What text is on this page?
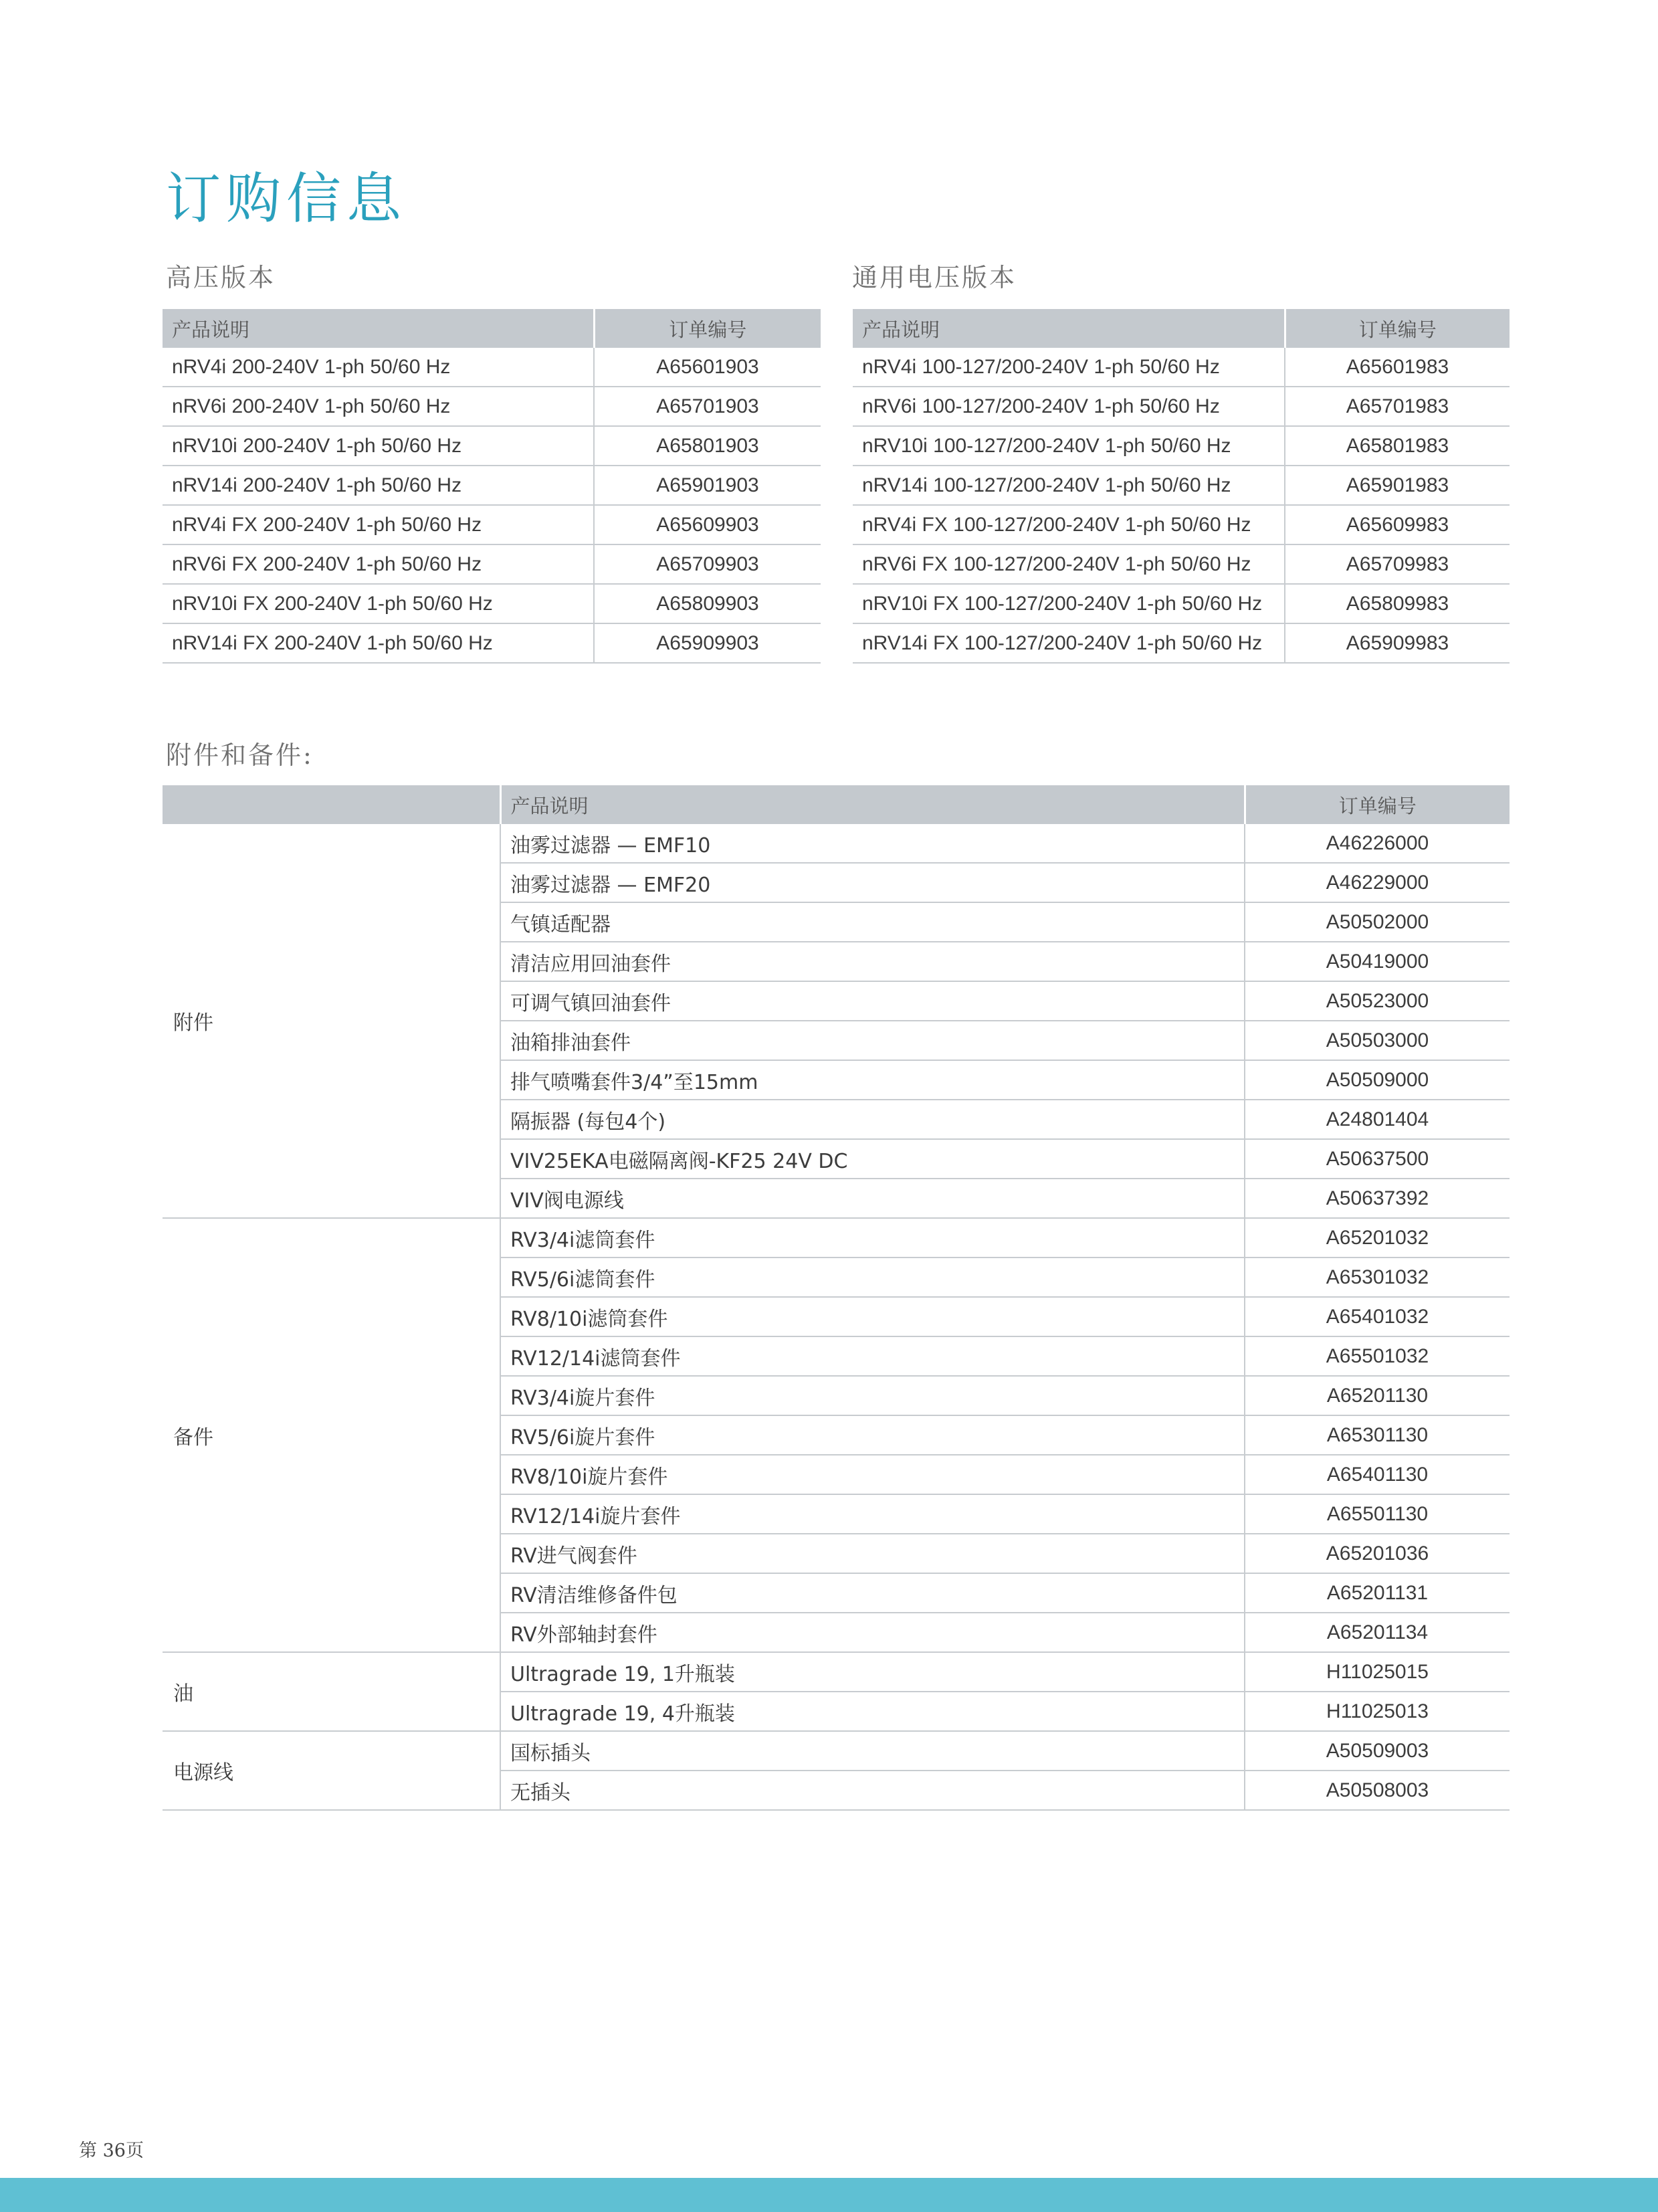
订购信息
高压版本	通用电压版本
产品说明	订单编号
nRV4i 200-240V 1-ph 50/60 Hz	A65601903
nRV6i 200-240V 1-ph 50/60 Hz	A65701903
nRV10i 200-240V 1-ph 50/60 Hz	A65801903
nRV14i 200-240V 1-ph 50/60 Hz	A65901903
nRV4i FX 200-240V 1-ph 50/60 Hz	A65609903
nRV6i FX 200-240V 1-ph 50/60 Hz	A65709903
nRV10i FX 200-240V 1-ph 50/60 Hz	A65809903
nRV14i FX 200-240V 1-ph 50/60 Hz	A65909903
产品说明	订单编号
nRV4i 100-127/200-240V 1-ph 50/60 Hz	A65601983
nRV6i 100-127/200-240V 1-ph 50/60 Hz	A65701983
nRV10i 100-127/200-240V 1-ph 50/60 Hz	A65801983
nRV14i 100-127/200-240V 1-ph 50/60 Hz	A65901983
nRV4i FX 100-127/200-240V 1-ph 50/60 Hz	A65609983
nRV6i FX 100-127/200-240V 1-ph 50/60 Hz	A65709983
nRV10i FX 100-127/200-240V 1-ph 50/60 Hz	A65809983
nRV14i FX 100-127/200-240V 1-ph 50/60 Hz	A65909983
附件和备件:
	产品说明	订单编号
附件	油雾过滤器 — EMF10	A46226000
	油雾过滤器 — EMF20	A46229000
	气镇适配器	A50502000
	清洁应用回油套件	A50419000
	可调气镇回油套件	A50523000
	油箱排油套件	A50503000
	排气喷嘴套件3/4”至15mm	A50509000
	隔振器 (每包4个)	A24801404
	VIV25EKA电磁隔离阀-KF25 24V DC	A50637500
	VIV阀电源线	A50637392
备件	RV3/4i滤筒套件	A65201032
	RV5/6i滤筒套件	A65301032
	RV8/10i滤筒套件	A65401032
	RV12/14i滤筒套件	A65501032
	RV3/4i旋片套件	A65201130
	RV5/6i旋片套件	A65301130
	RV8/10i旋片套件	A65401130
	RV12/14i旋片套件	A65501130
	RV进气阀套件	A65201036
	RV清洁维修备件包	A65201131
	RV外部轴封套件	A65201134
油	Ultragrade 19, 1升瓶装	H11025015
	Ultragrade 19, 4升瓶装	H11025013
电源线	国标插头	A50509003
	无插头	A50508003
第 36页
